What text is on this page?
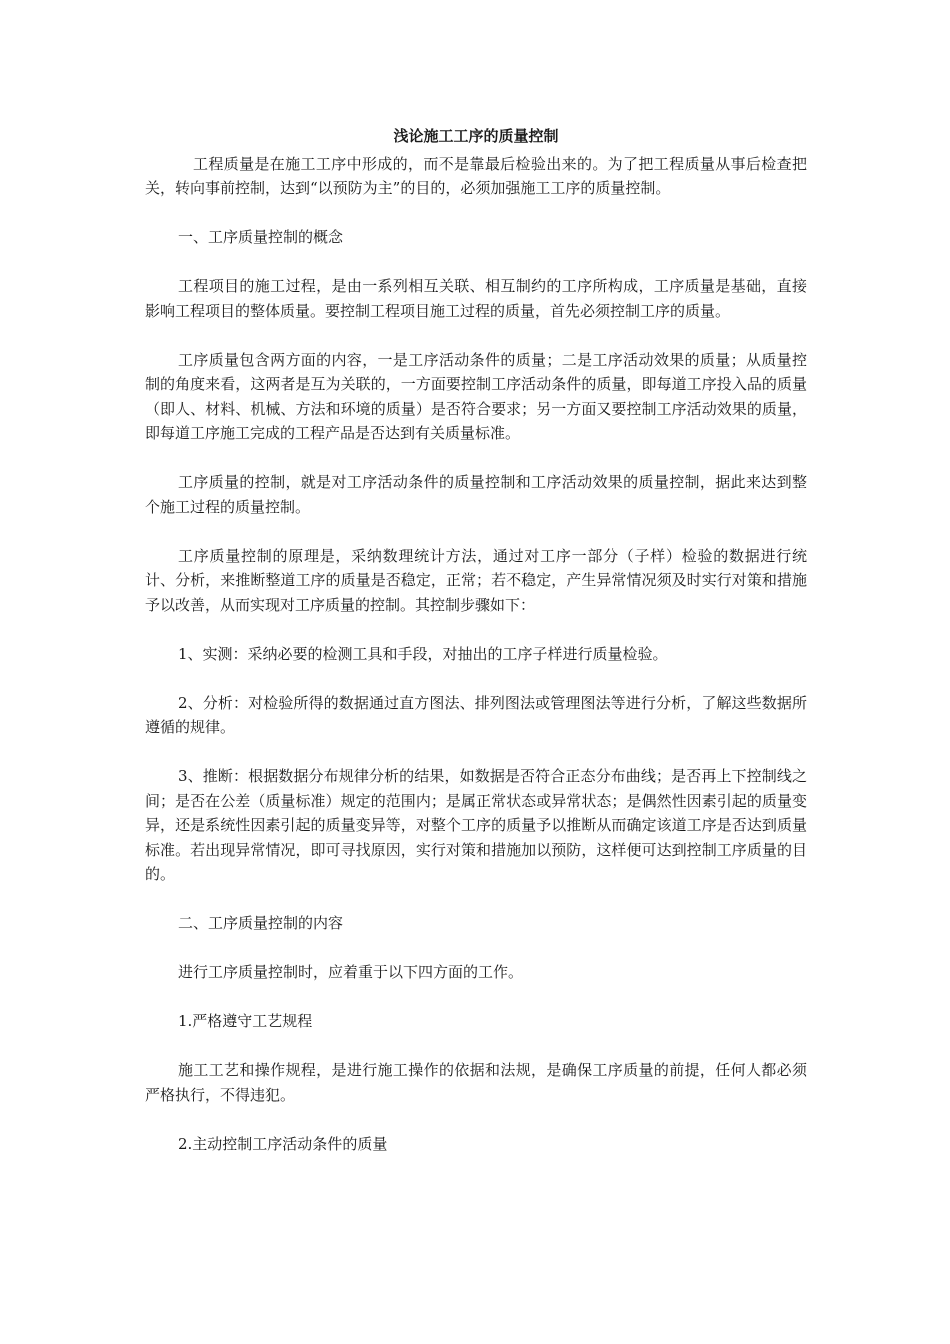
浅论施工工序的质量控制

工程质量是在施工工序中形成的，而不是靠最后检验出来的。为了把工程质量从事后检查把关，转向事前控制，达到“以预防为主”的目的，必须加强施工工序的质量控制。

一、工序质量控制的概念

工程项目的施工过程，是由一系列相互关联、相互制约的工序所构成，工序质量是基础，直接影响工程项目的整体质量。要控制工程项目施工过程的质量，首先必须控制工序的质量。

工序质量包含两方面的内容，一是工序活动条件的质量；二是工序活动效果的质量；从质量控制的角度来看，这两者是互为关联的，一方面要控制工序活动条件的质量，即每道工序投入品的质量（即人、材料、机械、方法和环境的质量）是否符合要求；另一方面又要控制工序活动效果的质量，即每道工序施工完成的工程产品是否达到有关质量标准。

工序质量的控制，就是对工序活动条件的质量控制和工序活动效果的质量控制，据此来达到整个施工过程的质量控制。

工序质量控制的原理是，采纳数理统计方法，通过对工序一部分（子样）检验的数据进行统计、分析，来推断整道工序的质量是否稳定，正常；若不稳定，产生异常情况须及时实行对策和措施予以改善，从而实现对工序质量的控制。其控制步骤如下：

1、实测：采纳必要的检测工具和手段，对抽出的工序子样进行质量检验。

2、分析：对检验所得的数据通过直方图法、排列图法或管理图法等进行分析，了解这些数据所遵循的规律。

3、推断：根据数据分布规律分析的结果，如数据是否符合正态分布曲线；是否再上下控制线之间；是否在公差（质量标准）规定的范围内；是属正常状态或异常状态；是偶然性因素引起的质量变异，还是系统性因素引起的质量变异等，对整个工序的质量予以推断从而确定该道工序是否达到质量标准。若出现异常情况，即可寻找原因，实行对策和措施加以预防，这样便可达到控制工序质量的目的。

二、工序质量控制的内容

进行工序质量控制时，应着重于以下四方面的工作。

1.严格遵守工艺规程

施工工艺和操作规程，是进行施工操作的依据和法规，是确保工序质量的前提，任何人都必须严格执行，不得违犯。

2.主动控制工序活动条件的质量
